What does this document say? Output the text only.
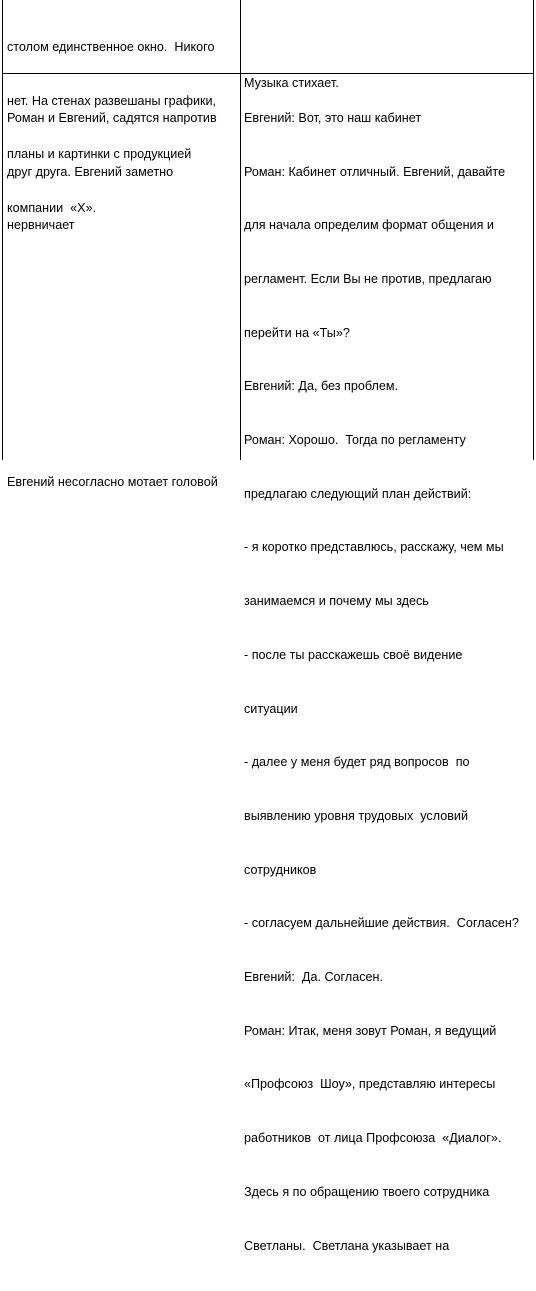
столом единственное окно.  Никого

нет. На стенах развешаны графики,

планы и картинки с продукцией

компании  «Х».

Музыка стихает.

Роман и Евгений, садятся напротив

друг друга. Евгений заметно

нервничает

Евгений несогласно мотает головой

Евгений: Вот, это наш кабинет

Роман: Кабинет отличный. Евгений, давайте

для начала определим формат общения и

регламент. Если Вы не против, предлагаю

перейти на «Ты»?

Евгений: Да, без проблем.

Роман: Хорошо.  Тогда по регламенту

предлагаю следующий план действий:

- я коротко представлюсь, расскажу, чем мы

занимаемся и почему мы здесь

- после ты расскажешь своё видение

ситуации

- далее у меня будет ряд вопросов  по

выявлению уровня трудовых  условий

сотрудников

- согласуем дальнейшие действия.  Согласен?

Евгений:  Да. Согласен.

Роман: Итак, меня зовут Роман, я ведущий

«Профсоюз  Шоу», представляю интересы

работников  от лица Профсоюза  «Диалог».

Здесь я по обращению твоего сотрудника

Светланы.  Светлана указывает на
